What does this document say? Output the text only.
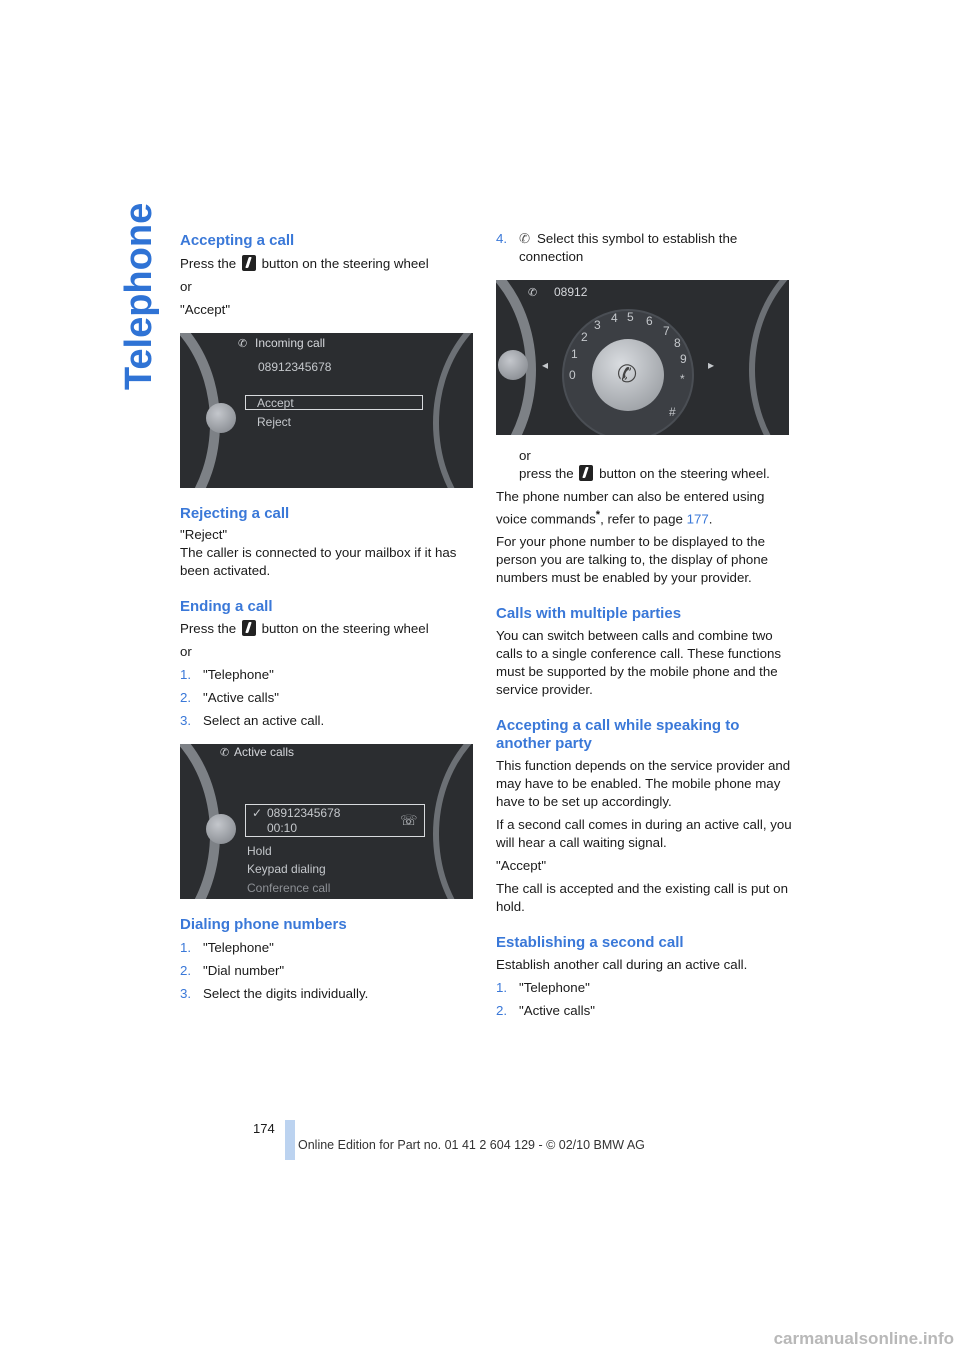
Telephone Accepting a call

Press the button on the steering wheel

or

"Accept"

✆ Incoming call
08912345678
Accept
Reject
Rejecting a call

"Reject"

The caller is connected to your mailbox if it has been activated.

Ending a call

Press the button on the steering wheel

or

1. "Telephone"
2. "Active calls"
3. Select an active call.
✆ Active calls
✓ 08912345678
00:10	☏
Hold
Keypad dialing
Conference call
Dialing phone numbers
1. "Telephone"
2. "Dial number"
3. Select the digits individually.
4. ✆ Select this symbol to establish the connection
✆ 08912
✆
◂	▸
0
1
2
3 4 5 6
7
8
9
*
#

or

press the button on the steering wheel.

The phone number can also be entered using voice commands*, refer to page 177.

For your phone number to be displayed to the person you are talking to, the display of phone numbers must be enabled by your provider.

Calls with multiple parties

You can switch between calls and combine two calls to a single conference call. These functions must be supported by the mobile phone and the service provider.

Accepting a call while speaking to another party

This function depends on the service provider and may have to be enabled. The mobile phone may have to be set up accordingly.

If a second call comes in during an active call, you will hear a call waiting signal.

"Accept"

The call is accepted and the existing call is put on hold.

Establishing a second call

Establish another call during an active call.

1. "Telephone"
2. "Active calls"
174
Online Edition for Part no. 01 41 2 604 129 - © 02/10 BMW AG
carmanualsonline.info
